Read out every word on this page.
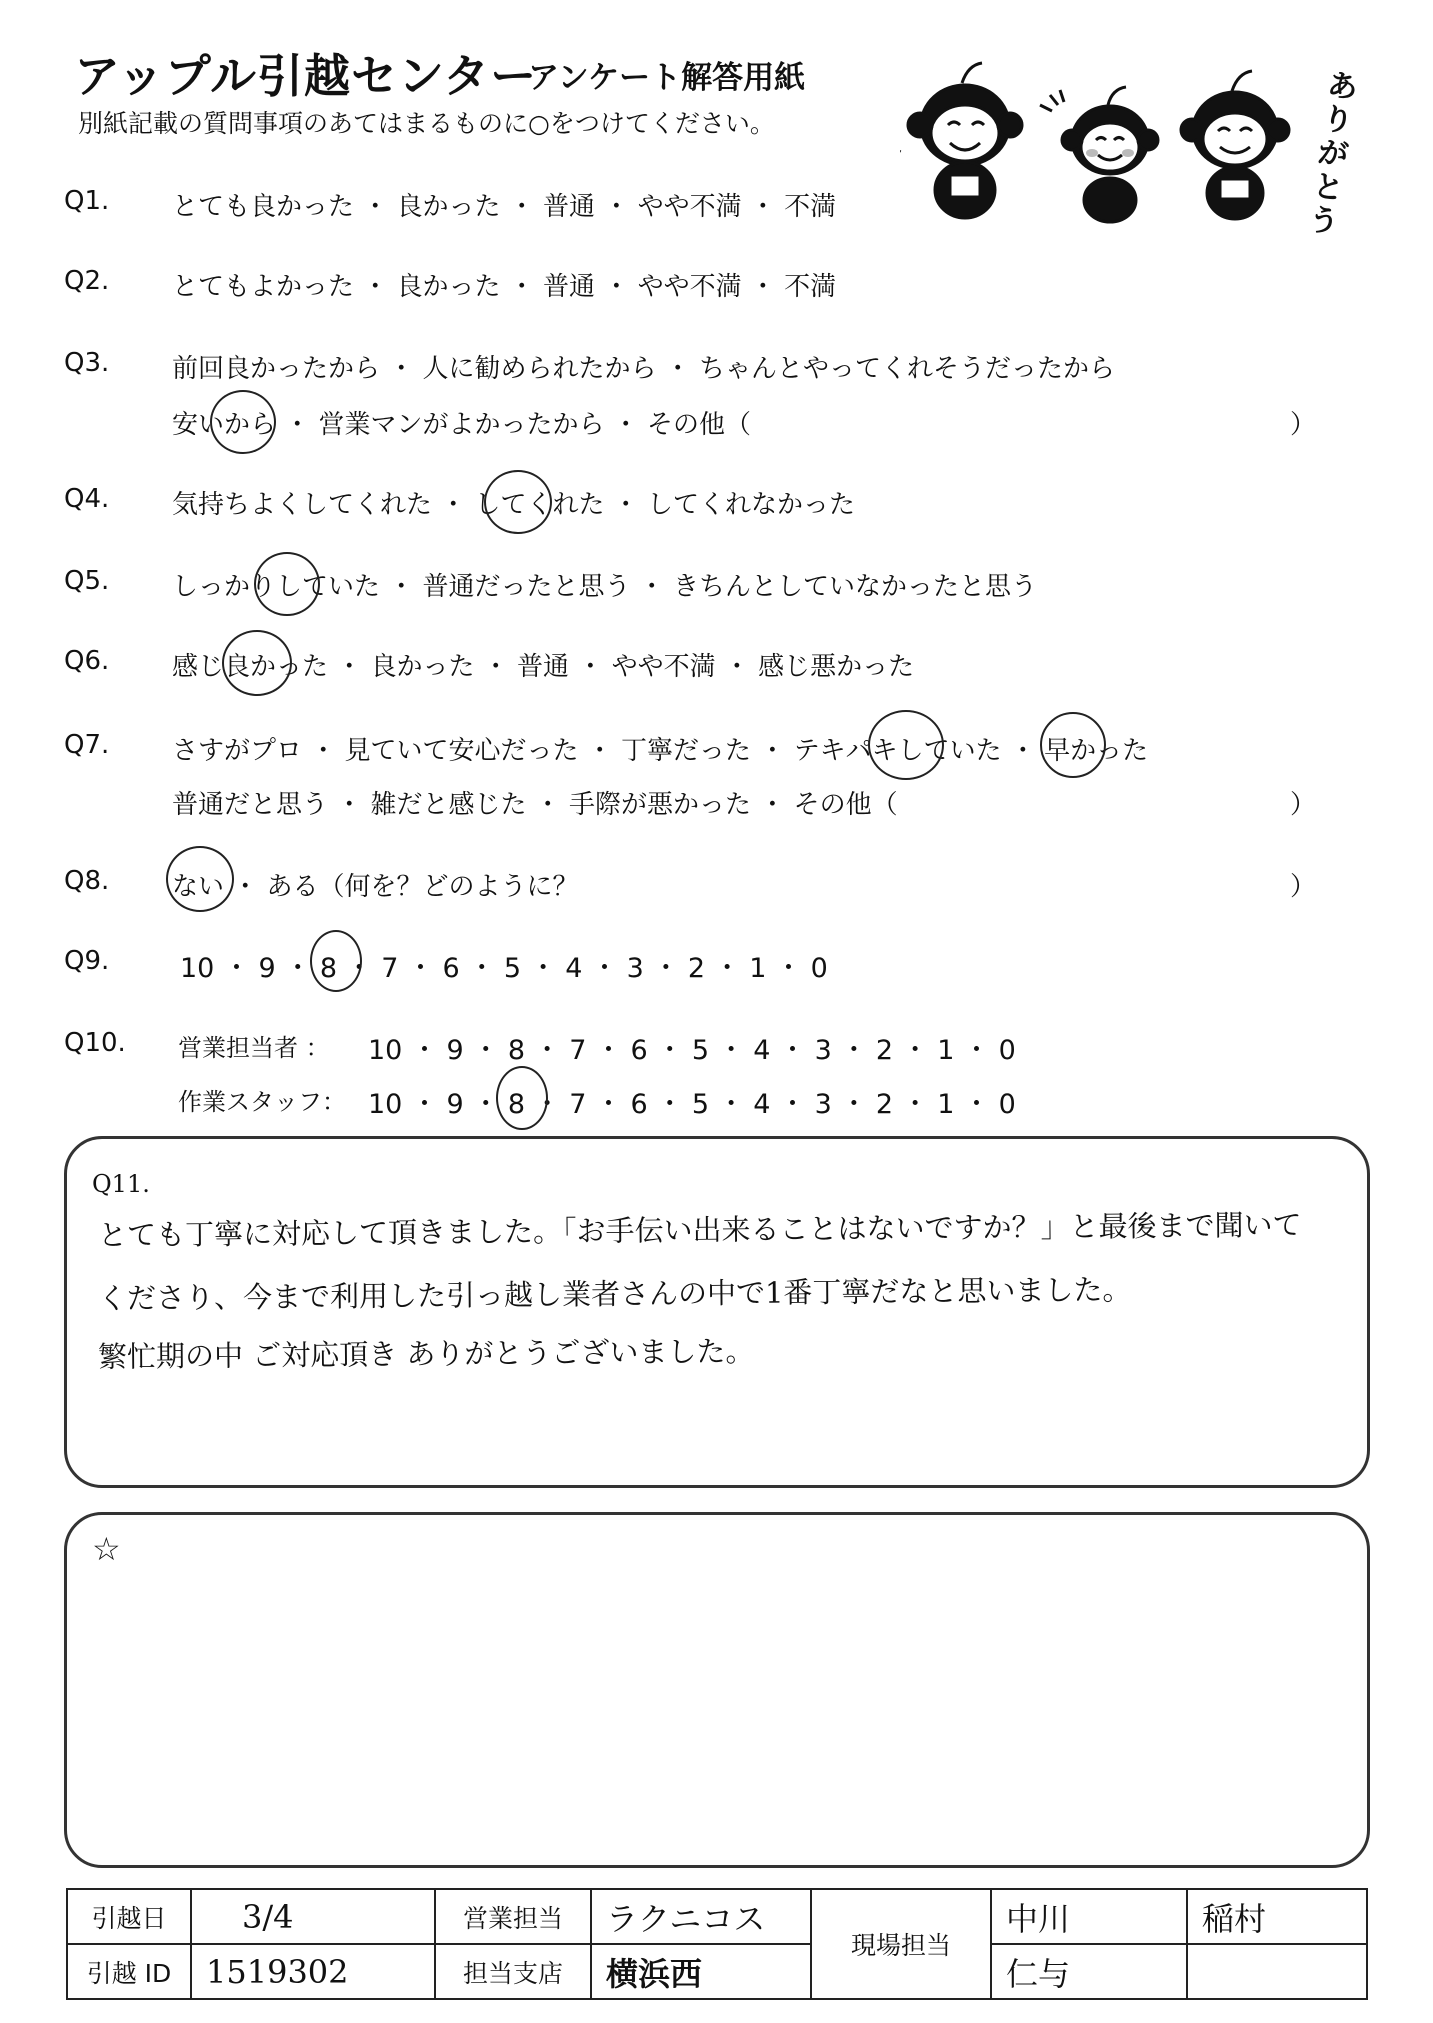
アップル引越センター
アンケート解答用紙
別紙記載の質問事項のあてはまるものに○をつけてください。
ありがとう
Q1. とても良かった ・ 良かった ・ 普通 ・ やや不満 ・ 不満
Q2. とてもよかった ・ 良かった ・ 普通 ・ やや不満 ・ 不満
Q3. 前回良かったから ・ 人に勧められたから ・ ちゃんとやってくれそうだったから
安いから ・ 営業マンがよかったから ・ その他（	）
Q4. 気持ちよくしてくれた ・ してくれた ・ してくれなかった
Q5. しっかりしていた ・ 普通だったと思う ・ きちんとしていなかったと思う
Q6. 感じ良かった ・ 良かった ・ 普通 ・ やや不満 ・ 感じ悪かった
Q7. さすがプロ ・ 見ていて安心だった ・ 丁寧だった ・ テキパキしていた ・ 早かった
普通だと思う ・ 雑だと感じた ・ 手際が悪かった ・ その他（	）
Q8. ない ・ ある（何を？どのように？	）
Q9.	10 ・ 9 ・ 8 ・ 7 ・ 6 ・ 5 ・ 4 ・ 3 ・ 2 ・ 1 ・ 0
Q10. 営業担当者 ： 10 ・ 9 ・ 8 ・ 7 ・ 6 ・ 5 ・ 4 ・ 3 ・ 2 ・ 1 ・ 0
作業スタッフ： 10 ・ 9 ・ 8 ・ 7 ・ 6 ・ 5 ・ 4 ・ 3 ・ 2 ・ 1 ・ 0
Q11.
とても丁寧に対応して頂きました。「お手伝い出来ることはないですか？」と最後まで聞いて
くださり、今まで利用した引っ越し業者さんの中で1番丁寧だなと思いました。
繁忙期の中 ご対応頂き ありがとうございました。
☆
引越日	3/4	営業担当	ラクニコス	現場担当	中川	稲村
引越 ID	1519302	担当支店	横浜西		仁与	
